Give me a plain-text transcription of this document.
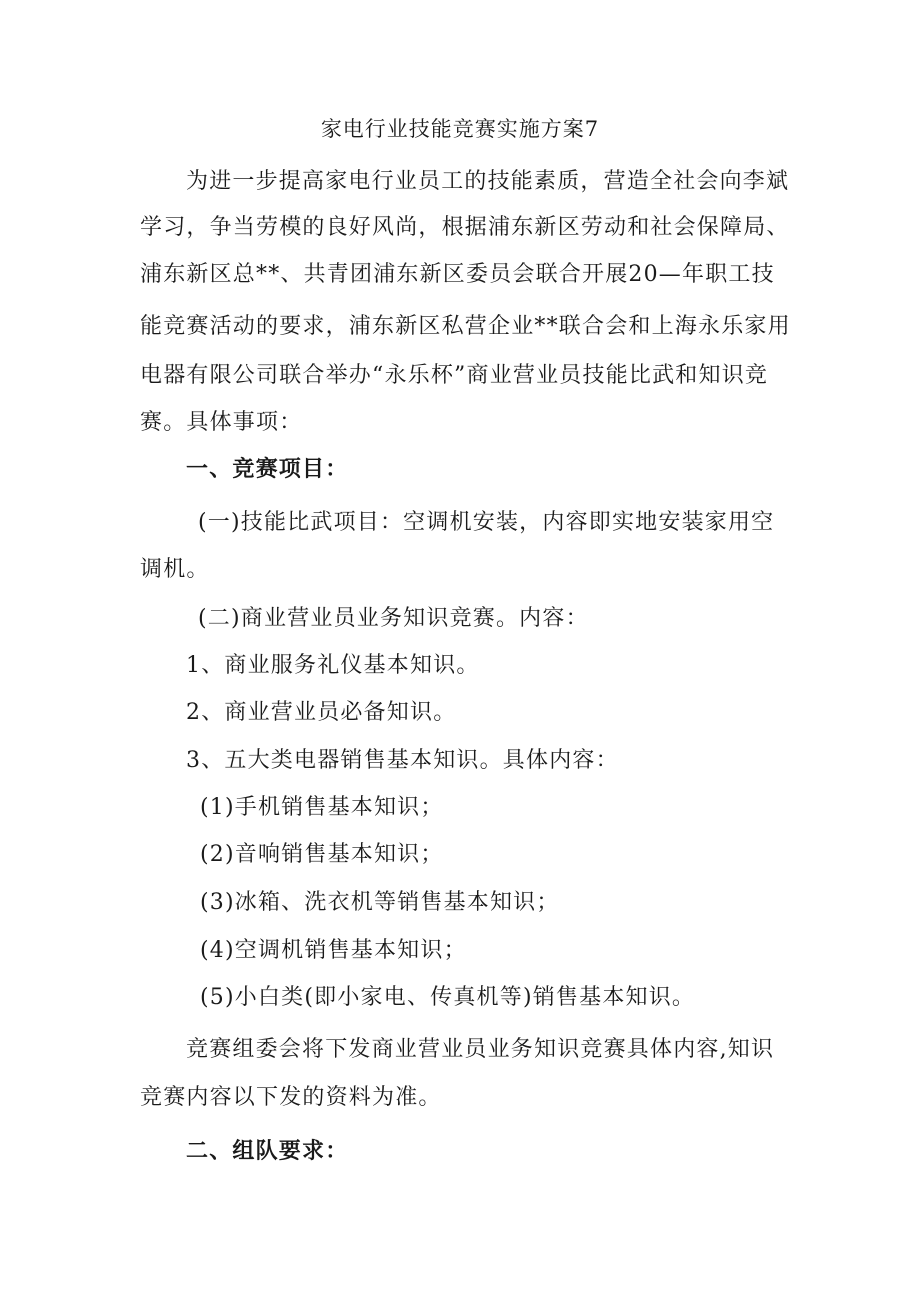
家电行业技能竞赛实施方案7
为进一步提高家电行业员工的技能素质，营造全社会向李斌
学习，争当劳模的良好风尚，根据浦东新区劳动和社会保障局、
浦东新区总**、共青团浦东新区委员会联合开展20—年职工技
能竞赛活动的要求，浦东新区私营企业**联合会和上海永乐家用
电器有限公司联合举办“永乐杯”商业营业员技能比武和知识竞
赛。具体事项：
一、竞赛项目：
(一)技能比武项目：空调机安装，内容即实地安装家用空
调机。
(二)商业营业员业务知识竞赛。内容：
1、商业服务礼仪基本知识。
2、商业营业员必备知识。
3、五大类电器销售基本知识。具体内容：
(1)手机销售基本知识；
(2)音响销售基本知识；
(3)冰箱、洗衣机等销售基本知识；
(4)空调机销售基本知识；
(5)小白类(即小家电、传真机等)销售基本知识。
竞赛组委会将下发商业营业员业务知识竞赛具体内容,知识
竞赛内容以下发的资料为准。
二、组队要求：
